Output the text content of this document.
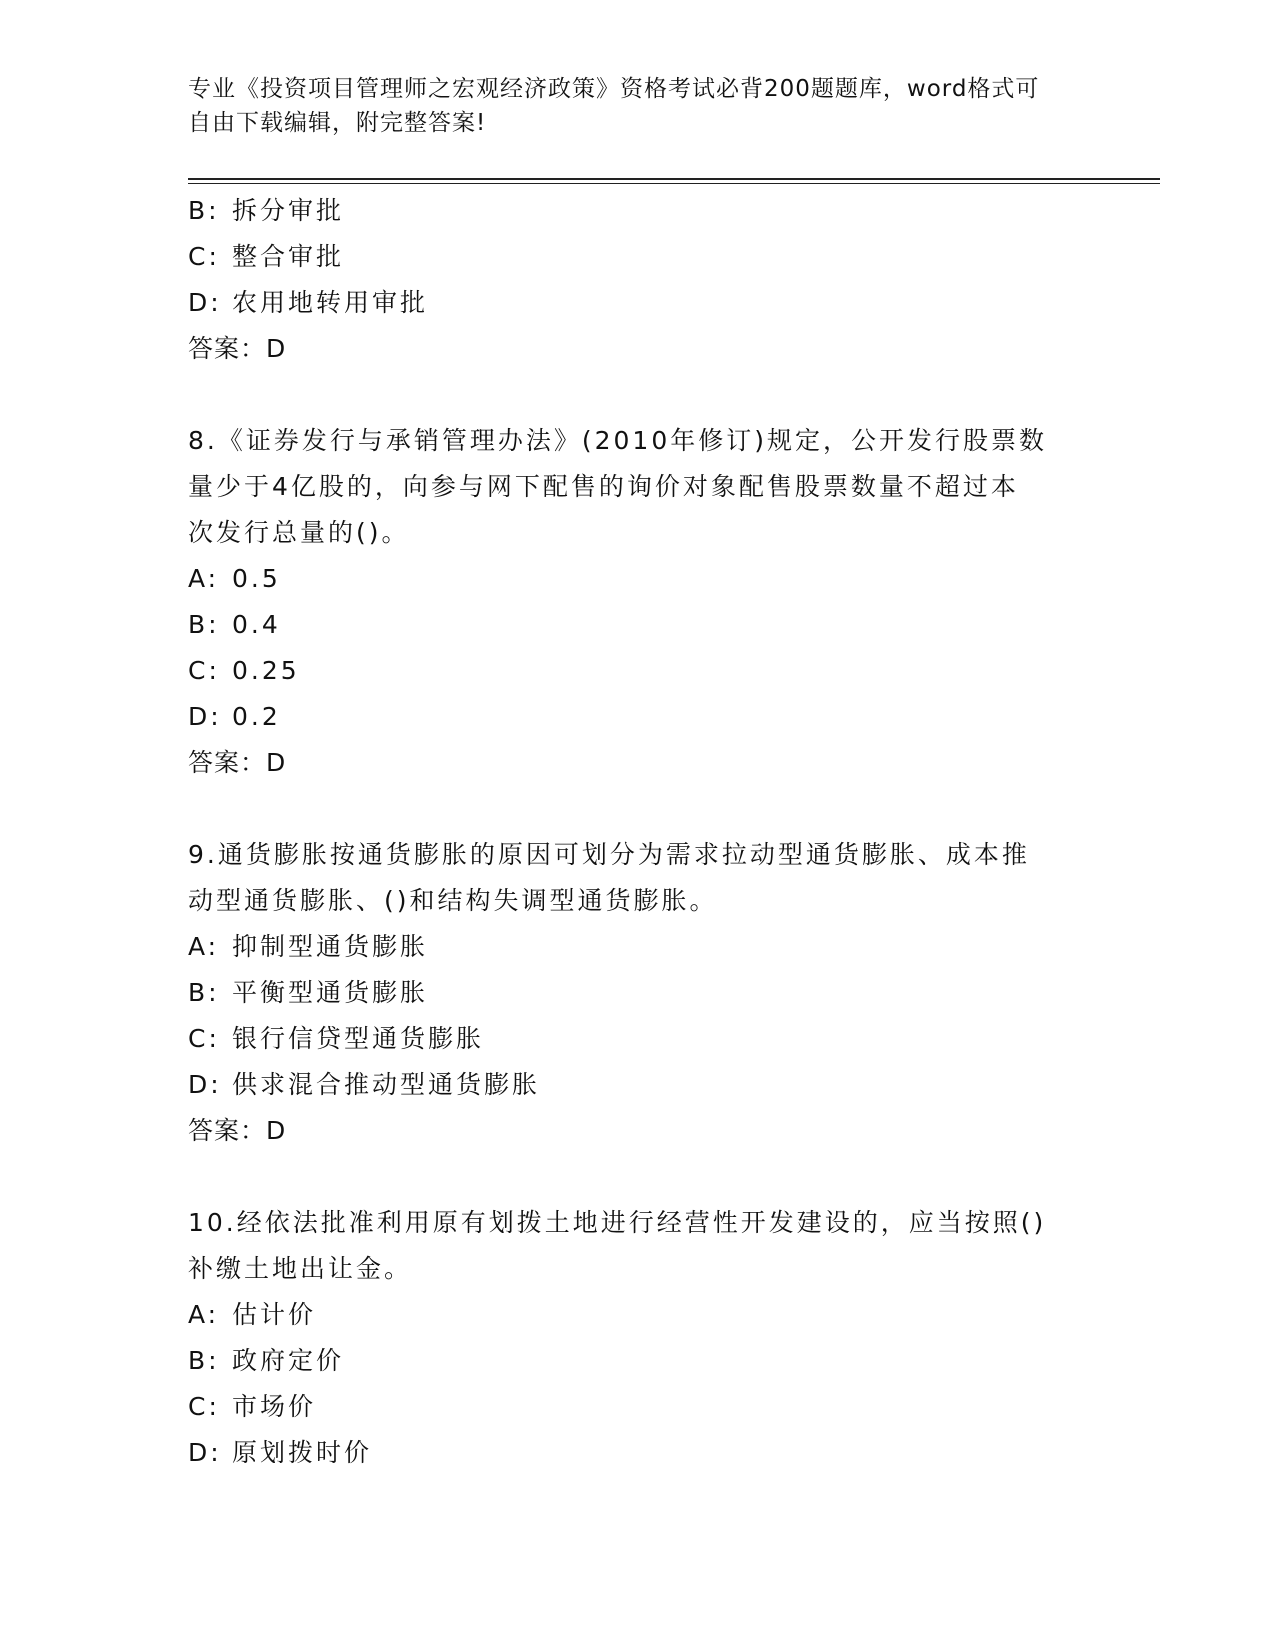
专业《投资项目管理师之宏观经济政策》资格考试必背200题题库，word格式可
自由下载编辑，附完整答案!
B: 拆分审批
C: 整合审批
D: 农用地转用审批
答案：D
8.《证券发行与承销管理办法》(2010年修订)规定，公开发行股票数
量少于4亿股的，向参与网下配售的询价对象配售股票数量不超过本
次发行总量的()。
A: 0.5
B: 0.4
C: 0.25
D: 0.2
答案：D
9.通货膨胀按通货膨胀的原因可划分为需求拉动型通货膨胀、成本推
动型通货膨胀、()和结构失调型通货膨胀。
A: 抑制型通货膨胀
B: 平衡型通货膨胀
C: 银行信贷型通货膨胀
D: 供求混合推动型通货膨胀
答案：D
10.经依法批准利用原有划拨土地进行经营性开发建设的，应当按照()
补缴土地出让金。
A: 估计价
B: 政府定价
C: 市场价
D: 原划拨时价
